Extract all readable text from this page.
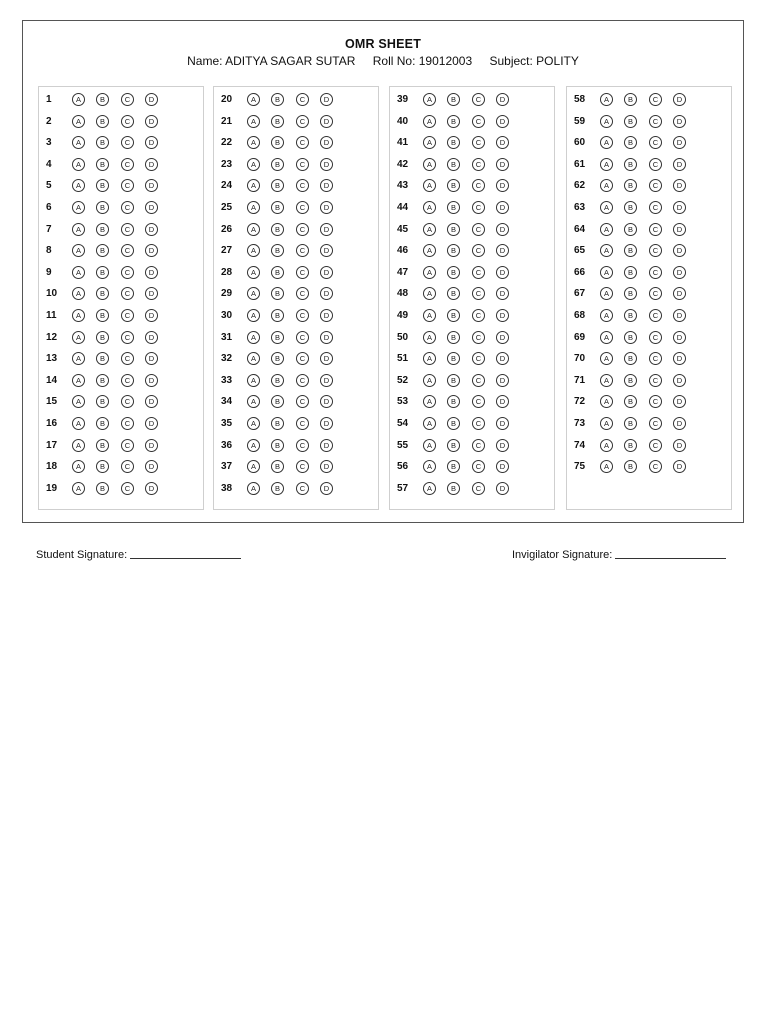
OMR SHEET
Name: ADITYA SAGAR SUTAR Roll No: 19012003 Subject: POLITY
1	A	B	C	D
2	A	B	C	D
3	A	B	C	D
4	A	B	C	D
5	A	B	C	D
6	A	B	C	D
7	A	B	C	D
8	A	B	C	D
9	A	B	C	D
10	A	B	C	D
11	A	B	C	D
12	A	B	C	D
13	A	B	C	D
14	A	B	C	D
15	A	B	C	D
16	A	B	C	D
17	A	B	C	D
18	A	B	C	D
19	A	B	C	D
20	A	B	C	D
21	A	B	C	D
22	A	B	C	D
23	A	B	C	D
24	A	B	C	D
25	A	B	C	D
26	A	B	C	D
27	A	B	C	D
28	A	B	C	D
29	A	B	C	D
30	A	B	C	D
31	A	B	C	D
32	A	B	C	D
33	A	B	C	D
34	A	B	C	D
35	A	B	C	D
36	A	B	C	D
37	A	B	C	D
38	A	B	C	D
39	A	B	C	D
40	A	B	C	D
41	A	B	C	D
42	A	B	C	D
43	A	B	C	D
44	A	B	C	D
45	A	B	C	D
46	A	B	C	D
47	A	B	C	D
48	A	B	C	D
49	A	B	C	D
50	A	B	C	D
51	A	B	C	D
52	A	B	C	D
53	A	B	C	D
54	A	B	C	D
55	A	B	C	D
56	A	B	C	D
57	A	B	C	D
58	A	B	C	D
59	A	B	C	D
60	A	B	C	D
61	A	B	C	D
62	A	B	C	D
63	A	B	C	D
64	A	B	C	D
65	A	B	C	D
66	A	B	C	D
67	A	B	C	D
68	A	B	C	D
69	A	B	C	D
70	A	B	C	D
71	A	B	C	D
72	A	B	C	D
73	A	B	C	D
74	A	B	C	D
75	A	B	C	D
Student Signature:	Invigilator Signature:
